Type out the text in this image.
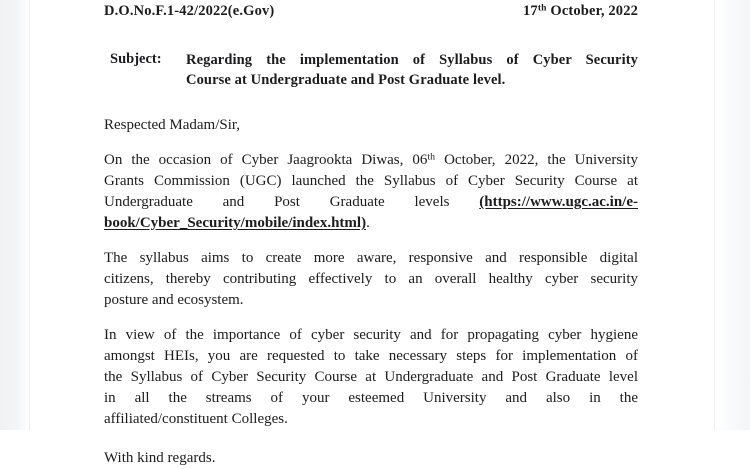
D.O.No.F.1-42/2022(e.Gov)	17th October, 2022
Subject: Regarding the implementation of Syllabus of Cyber Security
Course at Undergraduate and Post Graduate level.
Respected Madam/Sir,
On the occasion of Cyber Jaagrookta Diwas, 06th October, 2022, the University
Grants Commission (UGC) launched the Syllabus of Cyber Security Course at
Undergraduate and Post Graduate levels (https://www.ugc.ac.in/e-
book/Cyber_Security/mobile/index.html).
The syllabus aims to create more aware, responsive and responsible digital
citizens, thereby contributing effectively to an overall healthy cyber security
posture and ecosystem.
In view of the importance of cyber security and for propagating cyber hygiene
amongst HEIs, you are requested to take necessary steps for implementation of
the Syllabus of Cyber Security Course at Undergraduate and Post Graduate level
in all the streams of your esteemed University and also in the
affiliated/constituent Colleges.
With kind regards.
